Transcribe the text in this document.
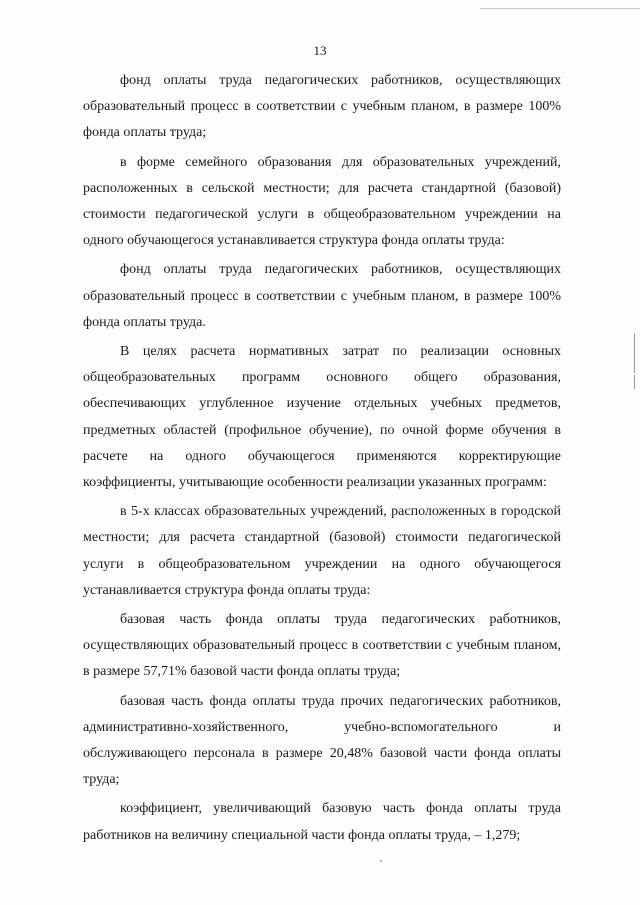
13

фонд оплаты труда педагогических работников, осуществляющих образовательный процесс в соответствии с учебным планом, в размере 100% фонда оплаты труда;

в форме семейного образования для образовательных учреждений, расположенных в сельской местности; для расчета стандартной (базовой) стоимости педагогической услуги в общеобразовательном учреждении на одного обучающегося устанавливается структура фонда оплаты труда:

фонд оплаты труда педагогических работников, осуществляющих образовательный процесс в соответствии с учебным планом, в размере 100% фонда оплаты труда.

В целях расчета нормативных затрат по реализации основных общеобразовательных программ основного общего образования, обеспечивающих углубленное изучение отдельных учебных предметов, предметных областей (профильное обучение), по очной форме обучения в расчете на одного обучающегося применяются корректирующие коэффициенты, учитывающие особенности реализации указанных программ:

в 5-х классах образовательных учреждений, расположенных в городской местности; для расчета стандартной (базовой) стоимости педагогической услуги в общеобразовательном учреждении на одного обучающегося устанавливается структура фонда оплаты труда:

базовая часть фонда оплаты труда педагогических работников, осуществляющих образовательный процесс в соответствии с учебным планом, в размере 57,71% базовой части фонда оплаты труда;

базовая часть фонда оплаты труда прочих педагогических работников, административно-хозяйственного, учебно-вспомогательного и обслуживающего персонала в размере 20,48% базовой части фонда оплаты труда;

коэффициент, увеличивающий базовую часть фонда оплаты труда работников на величину специальной части фонда оплаты труда, – 1,279;
